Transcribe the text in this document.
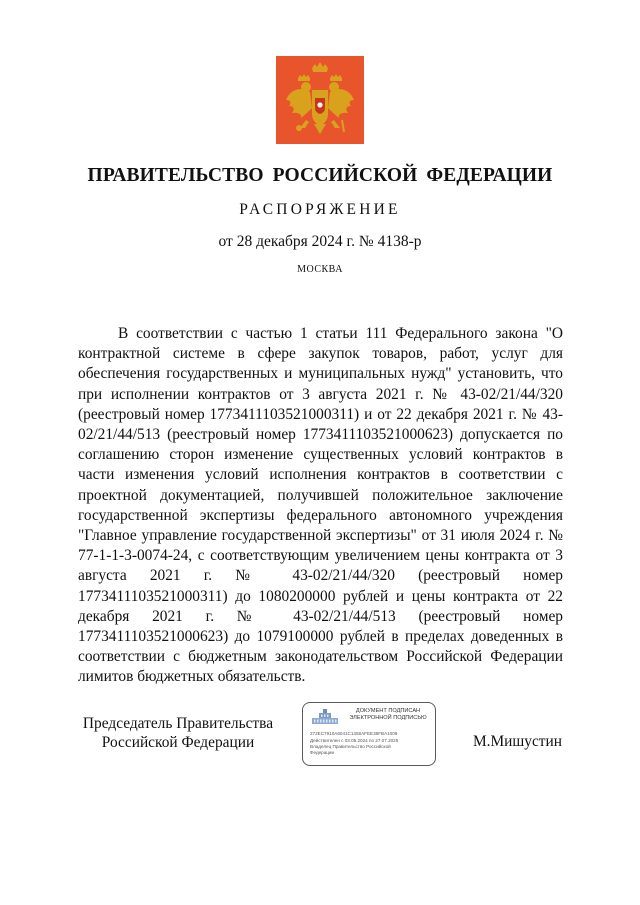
ПРАВИТЕЛЬСТВО РОССИЙСКОЙ ФЕДЕРАЦИИ
РАСПОРЯЖЕНИЕ
от 28 декабря 2024 г. № 4138-р
МОСКВА
В соответствии с частью 1 статьи 111 Федерального закона "О контрактной системе в сфере закупок товаров, работ, услуг для обеспечения государственных и муниципальных нужд" установить, что при исполнении контрактов от 3 августа 2021 г. № 43-02/21/44/320 (реестровый номер 1773411103521000311) и от 22 декабря 2021 г. № 43-02/21/44/513 (реестровый номер 1773411103521000623) допускается по соглашению сторон изменение существенных условий контрактов в части изменения условий исполнения контрактов в соответствии с проектной документацией, получившей положительное заключение государственной экспертизы федерального автономного учреждения "Главное управление государственной экспертизы" от 31 июля 2024 г. № 77-1-1-3-0074-24, с соответствующим увеличением цены контракта от 3 августа 2021 г. № 43-02/21/44/320 (реестровый номер 1773411103521000311) до 1080200000 рублей и цены контракта от 22 декабря 2021 г. № 43-02/21/44/513 (реестровый номер 1773411103521000623) до 1079100000 рублей в пределах доведенных в соответствии с бюджетным законодательством Российской Федерации лимитов бюджетных обязательств.
Председатель Правительства Российской Федерации
ДОКУМЕНТ ПОДПИСАН
ЭЛЕКТРОННОЙ ПОДПИСЬЮ
272EC7910A6041C1458AFEE38FBA1009
Действителен с 03.05.2024 по 27.07.2025
Владелец Правительство Российской
Федерации
М.Мишустин
